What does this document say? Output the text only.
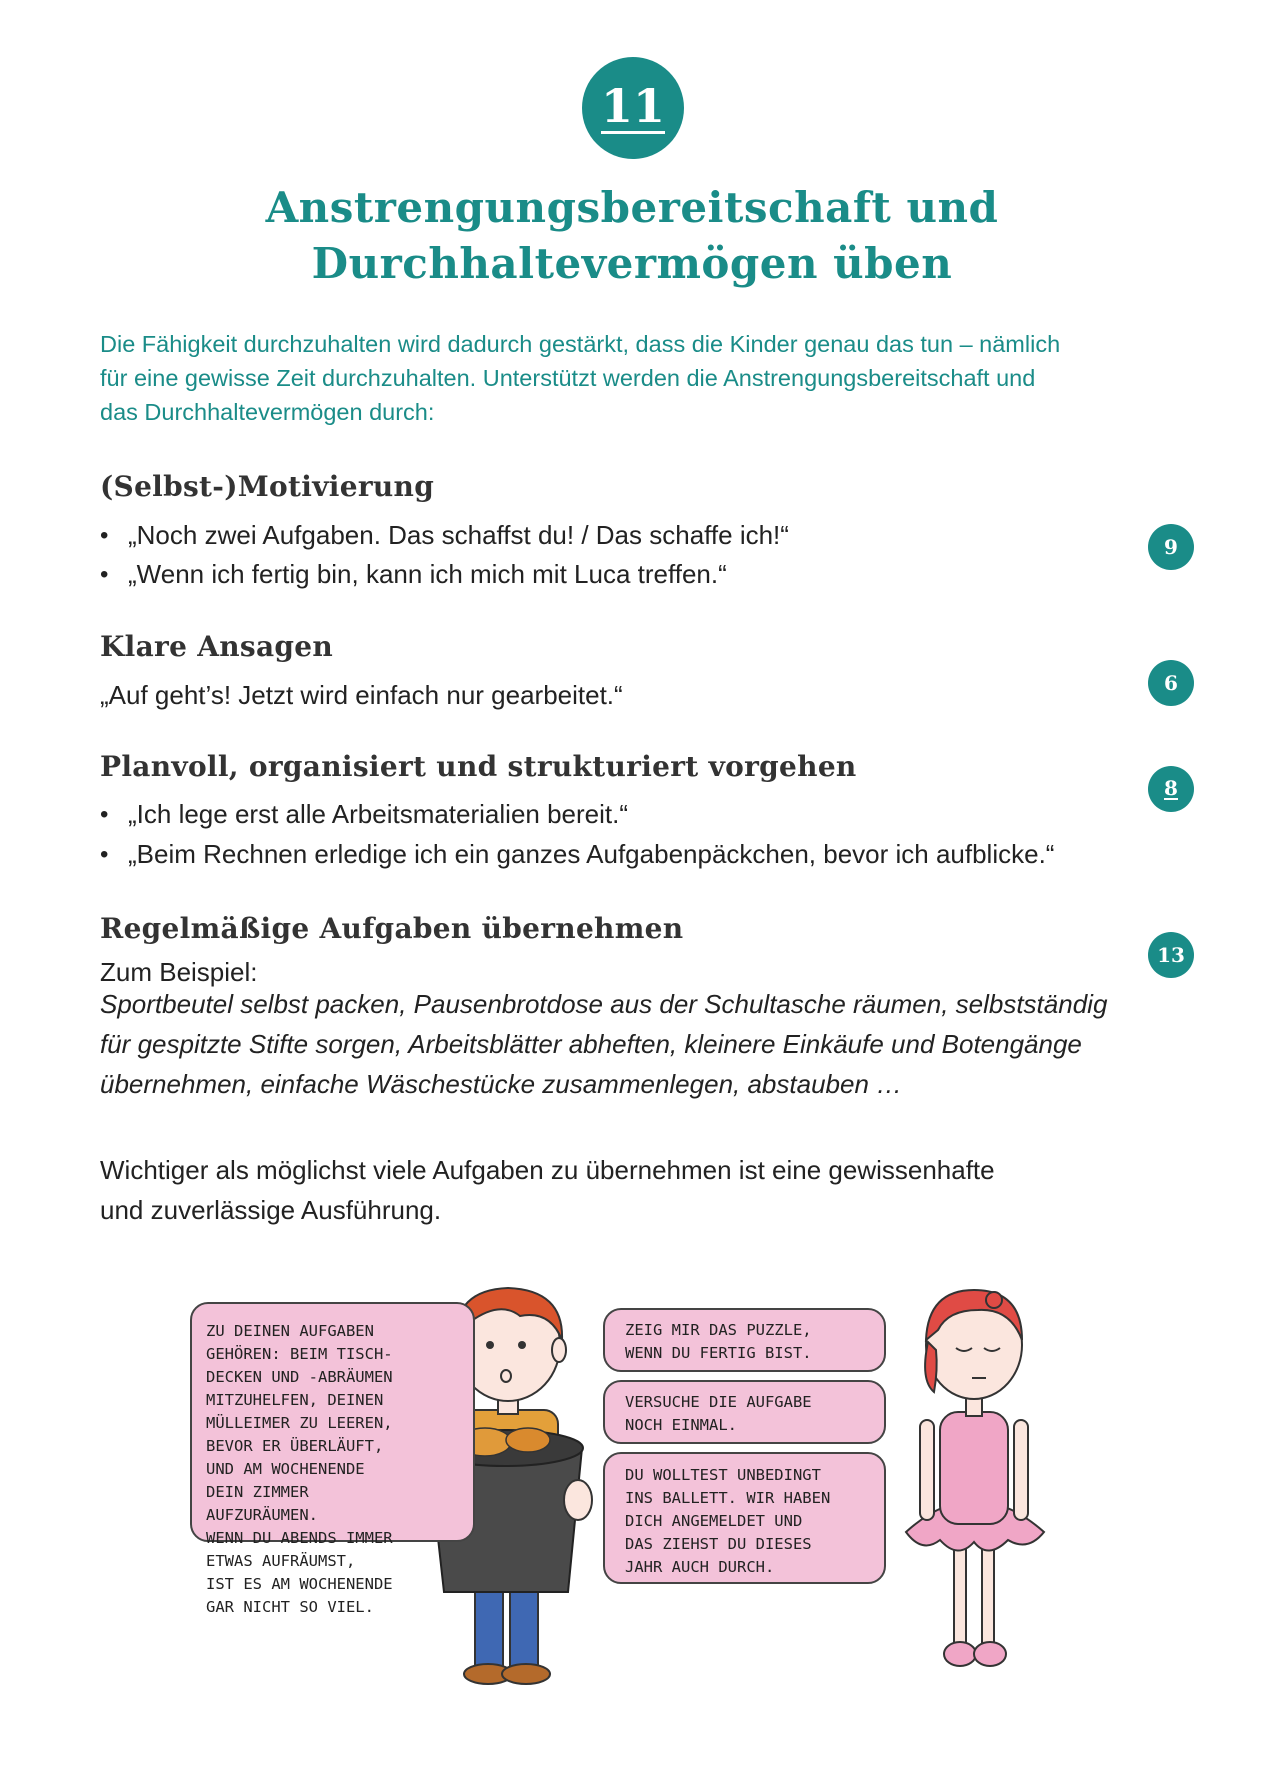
11
Anstrengungsbereitschaft und
Durchhaltevermögen üben

Die Fähigkeit durchzuhalten wird dadurch gestärkt, dass die Kinder genau das tun – nämlich
für eine gewisse Zeit durchzuhalten. Unterstützt werden die Anstrengungsbereitschaft und
das Durchhaltevermögen durch:

(Selbst-)Motivierung
• „Noch zwei Aufgaben. Das schaffst du! / Das schaffe ich!“
• „Wenn ich fertig bin, kann ich mich mit Luca treffen.“
9
Klare Ansagen
„Auf geht’s! Jetzt wird einfach nur gearbeitet.“	6
Planvoll, organisiert und strukturiert vorgehen
• „Ich lege erst alle Arbeitsmaterialien bereit.“
• „Beim Rechnen erledige ich ein ganzes Aufgabenpäckchen, bevor ich aufblicke.“
8
Regelmäßige Aufgaben übernehmen
Zum Beispiel:
13

Sportbeutel selbst packen, Pausenbrotdose aus der Schultasche räumen, selbstständig
für gespitzte Stifte sorgen, Arbeitsblätter abheften, kleinere Einkäufe und Botengänge
übernehmen, einfache Wäschestücke zusammenlegen, abstauben …

Wichtiger als möglichst viele Aufgaben zu übernehmen ist eine gewissenhafte
und zuverlässige Ausführung.

ZU DEINEN AUFGABEN
GEHÖREN: BEIM TISCH-
DECKEN UND -ABRÄUMEN
MITZUHELFEN, DEINEN
MÜLLEIMER ZU LEEREN,
BEVOR ER ÜBERLÄUFT,
UND AM WOCHENENDE
DEIN ZIMMER
AUFZURÄUMEN.
WENN DU ABENDS IMMER
ETWAS AUFRÄUMST,
IST ES AM WOCHENENDE
GAR NICHT SO VIEL.
ZEIG MIR DAS PUZZLE,
WENN DU FERTIG BIST.
VERSUCHE DIE AUFGABE
NOCH EINMAL.
DU WOLLTEST UNBEDINGT
INS BALLETT. WIR HABEN
DICH ANGEMELDET UND
DAS ZIEHST DU DIESES
JAHR AUCH DURCH.
